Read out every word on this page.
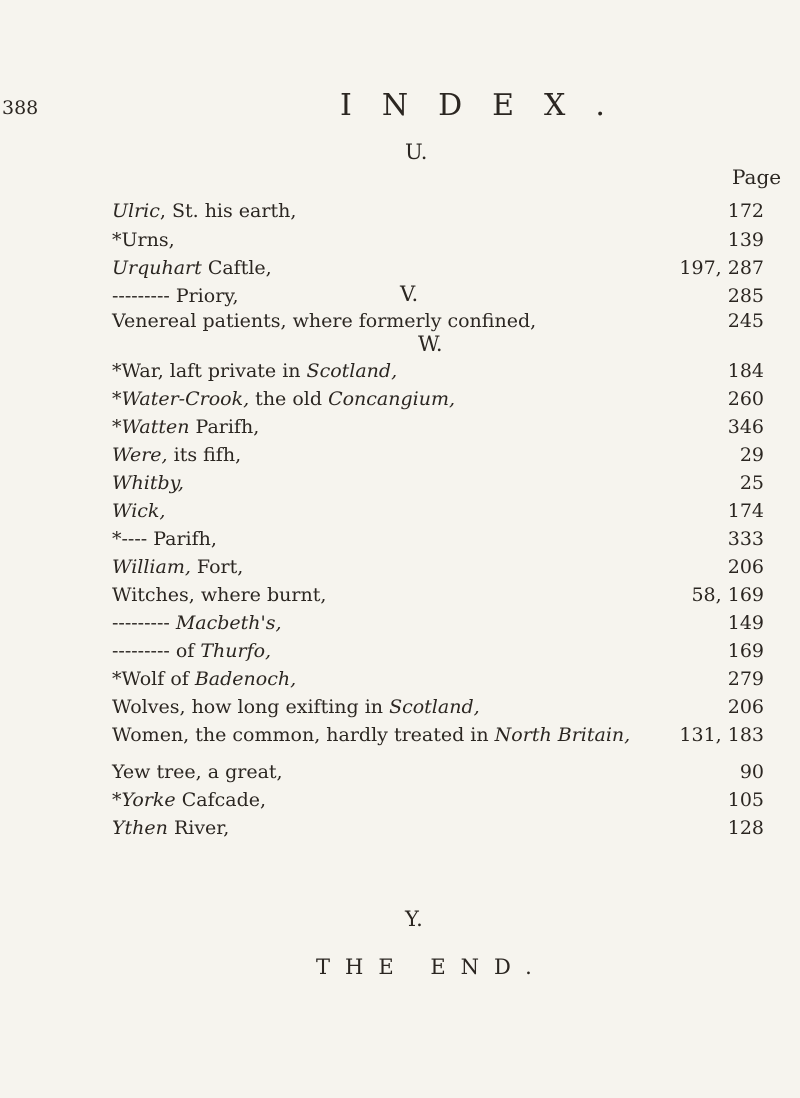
388	INDEX.
Page
U.
Ulric, St. his earth,	172
*Urns,	139
Urquhart Caftle,	197, 287
--------- Priory,	285
V.
Venereal patients, where formerly confined,	245
W.
*War, laft private in Scotland,	184
*Water-Crook, the old Concangium,	260
*Watten Parifh,	346
Were, its fifh,	29
Whitby,	25
Wick,	174
*---- Parifh,	333
William, Fort,	206
Witches, where burnt,	58, 169
--------- Macbeth's,	149
--------- of Thurfo,	169
*Wolf of Badenoch,	279
Wolves, how long exifting in Scotland,	206
Women, the common, hardly treated in North Britain,	131, 183
Y.
Yew tree, a great,	90
*Yorke Cafcade,	105
Ythen River,	128
THE END.
